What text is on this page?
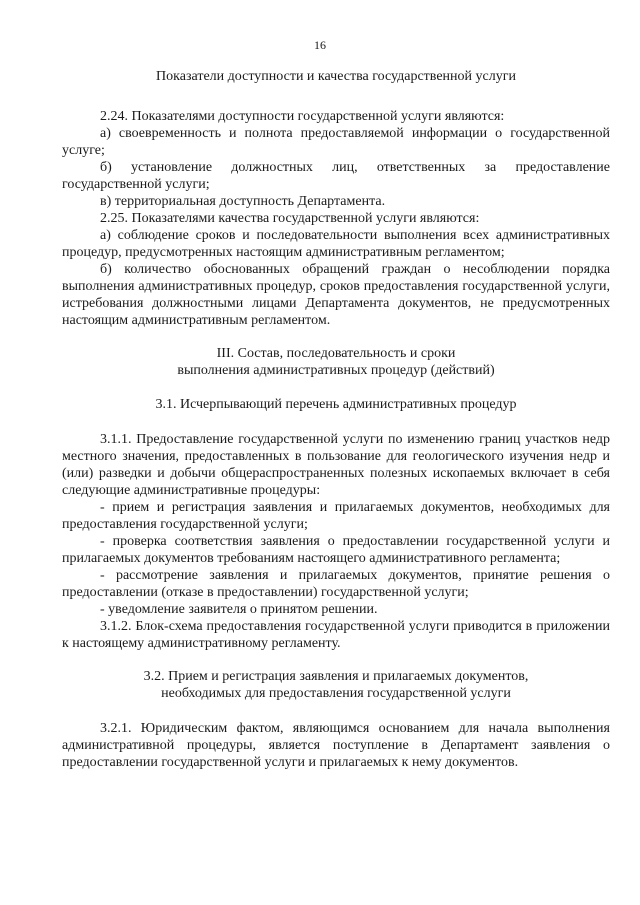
16

Показатели доступности и качества государственной услуги

2.24. Показателями доступности государственной услуги являются:

а) своевременность и полнота предоставляемой информации о государственной услуге;

б) установление должностных лиц, ответственных за предоставление государственной услуги;

в) территориальная доступность Департамента.

2.25. Показателями качества государственной услуги являются:

а) соблюдение сроков и последовательности выполнения всех административных процедур, предусмотренных настоящим административным регламентом;

б) количество обоснованных обращений граждан о несоблюдении порядка выполнения административных процедур, сроков предоставления государственной услуги, истребования должностными лицами Департамента документов, не предусмотренных настоящим административным регламентом.

III. Состав, последовательность и сроки
выполнения административных процедур (действий)

3.1. Исчерпывающий перечень административных процедур

3.1.1. Предоставление государственной услуги по изменению границ участков недр местного значения, предоставленных в пользование для геологического изучения недр и (или) разведки и добычи общераспространенных полезных ископаемых включает в себя следующие административные процедуры:

- прием и регистрация заявления и прилагаемых документов, необходимых для предоставления государственной услуги;

- проверка соответствия заявления о предоставлении государственной услуги и прилагаемых документов требованиям настоящего административного регламента;

- рассмотрение заявления и прилагаемых документов, принятие решения о предоставлении (отказе в предоставлении) государственной услуги;

- уведомление заявителя о принятом решении.

3.1.2. Блок-схема предоставления государственной услуги приводится в приложении к настоящему административному регламенту.

3.2. Прием и регистрация заявления и прилагаемых документов,
необходимых для предоставления государственной услуги

3.2.1. Юридическим фактом, являющимся основанием для начала выполнения административной процедуры, является поступление в Департамент заявления о предоставлении государственной услуги и прилагаемых к нему документов.
